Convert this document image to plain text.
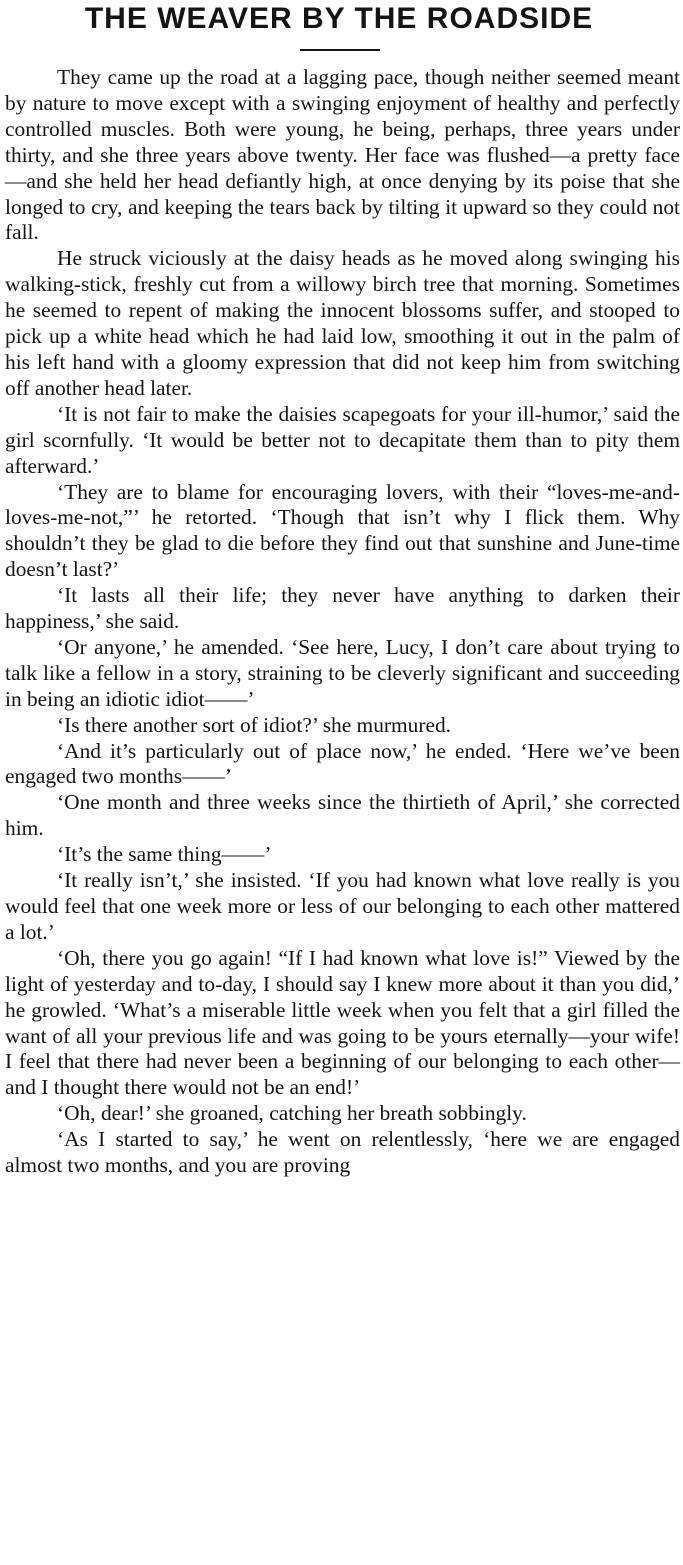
THE WEAVER BY THE ROADSIDE

They came up the road at a lagging pace, though neither seemed meant by nature to move except with a swinging enjoyment of healthy and perfectly controlled muscles. Both were young, he being, perhaps, three years under thirty, and she three years above twenty. Her face was flushed—a pretty face—and she held her head defiantly high, at once denying by its poise that she longed to cry, and keeping the tears back by tilting it upward so they could not fall.

He struck viciously at the daisy heads as he moved along swinging his walking-stick, freshly cut from a willowy birch tree that morning. Sometimes he seemed to repent of making the innocent blossoms suffer, and stooped to pick up a white head which he had laid low, smoothing it out in the palm of his left hand with a gloomy expression that did not keep him from switching off another head later.

‘It is not fair to make the daisies scapegoats for your ill-humor,’ said the girl scornfully. ‘It would be better not to decapitate them than to pity them afterward.’

‘They are to blame for encouraging lovers, with their “loves-me-and-loves-me-not,”’ he retorted. ‘Though that isn’t why I flick them. Why shouldn’t they be glad to die before they find out that sunshine and June-time doesn’t last?’

‘It lasts all their life; they never have anything to darken their happiness,’ she said.

‘Or anyone,’ he amended. ‘See here, Lucy, I don’t care about trying to talk like a fellow in a story, straining to be cleverly significant and succeeding in being an idiotic idiot——’

‘Is there another sort of idiot?’ she murmured.

‘And it’s particularly out of place now,’ he ended. ‘Here we’ve been engaged two months——’

‘One month and three weeks since the thirtieth of April,’ she corrected him.

‘It’s the same thing——’

‘It really isn’t,’ she insisted. ‘If you had known what love really is you would feel that one week more or less of our belonging to each other mattered a lot.’

‘Oh, there you go again! “If I had known what love is!” Viewed by the light of yesterday and to-day, I should say I knew more about it than you did,’ he growled. ‘What’s a miserable little week when you felt that a girl filled the want of all your previous life and was going to be yours eternally—your wife! I feel that there had never been a beginning of our belonging to each other—and I thought there would not be an end!’

‘Oh, dear!’ she groaned, catching her breath sobbingly.

‘As I started to say,’ he went on relentlessly, ‘here we are engaged almost two months, and you are proving
